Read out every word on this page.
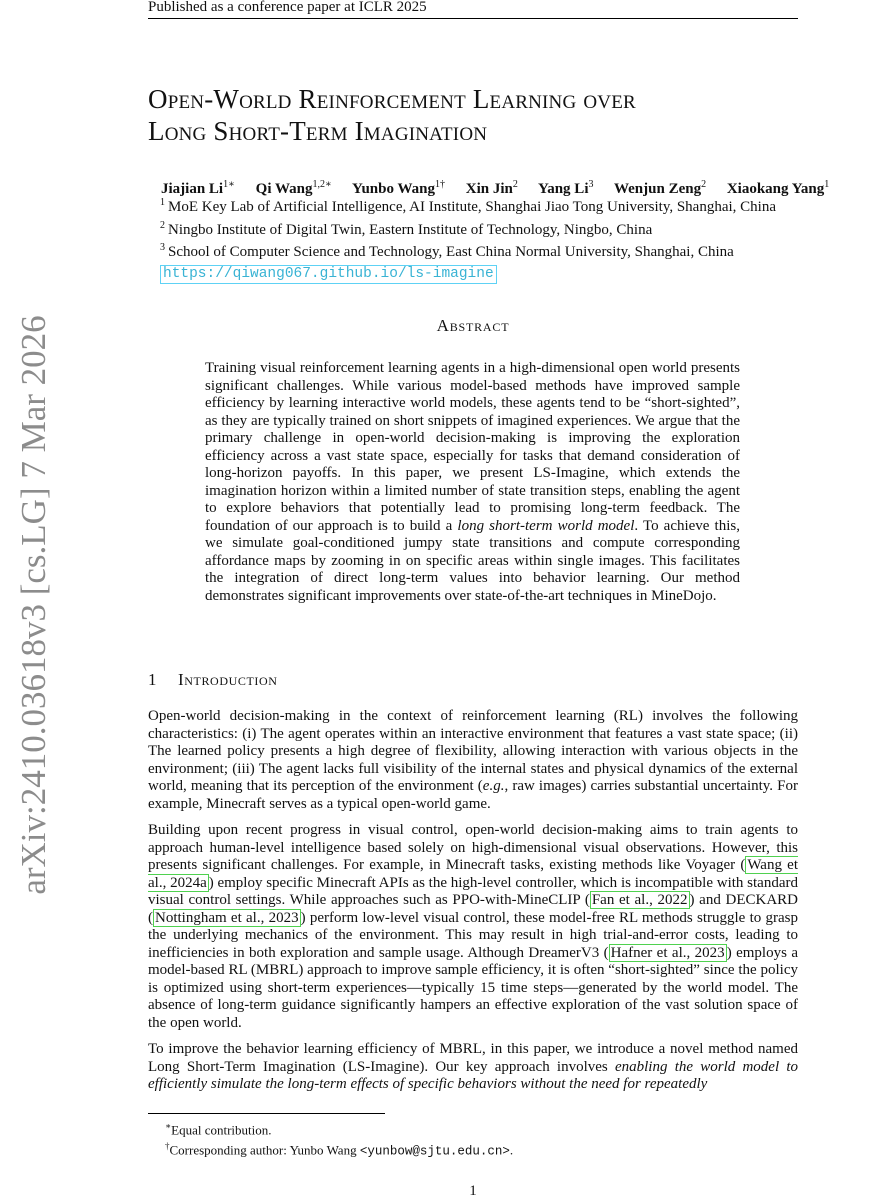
Published as a conference paper at ICLR 2025
arXiv:2410.03618v3 [cs.LG] 7 Mar 2026
Open-World Reinforcement Learning over
Long Short-Term Imagination
Jiajian $Li^{1∗}$ Qi Wang$^{1,2∗}$ Yunbo Wang$^{1\dagger}$ Xin Jin$^2$ Yang Li$^3$ Wenjun Zeng$^2$ Xiaokang Yang$^1$
$^1$ MoE Key Lab of Artificial Intelligence, AI Institute, Shanghai Jiao Tong University, Shanghai, China
$^2$ Ningbo Institute of Digital Twin, Eastern Institute of Technology, Ningbo, China
$^3$ School of Computer Science and Technology, East China Normal University, Shanghai, China
https://qiwang067.github.io/ls-imagine
Abstract

Training visual reinforcement learning agents in a high-dimensional open world presents significant challenges. While various model-based methods have improved sample efficiency by learning interactive world models, these agents tend to be “short-sighted”, as they are typically trained on short snippets of imagined experiences. We argue that the primary challenge in open-world decision-making is improving the exploration efficiency across a vast state space, especially for tasks that demand consideration of long-horizon payoffs. In this paper, we present LS-Imagine, which extends the imagination horizon within a limited number of state transition steps, enabling the agent to explore behaviors that potentially lead to promising long-term feedback. The foundation of our approach is to build a long short-term world model. To achieve this, we simulate goal-conditioned jumpy state transitions and compute corresponding affordance maps by zooming in on specific areas within single images. This facilitates the integration of direct long-term values into behavior learning. Our method demonstrates significant improvements over state-of-the-art techniques in MineDojo.

1 Introduction

Open-world decision-making in the context of reinforcement learning (RL) involves the following characteristics: (i) The agent operates within an interactive environment that features a vast state space; (ii) The learned policy presents a high degree of flexibility, allowing interaction with various objects in the environment; (iii) The agent lacks full visibility of the internal states and physical dynamics of the external world, meaning that its perception of the environment (e.g., raw images) carries substantial uncertainty. For example, Minecraft serves as a typical open-world game.

Building upon recent progress in visual control, open-world decision-making aims to train agents to approach human-level intelligence based solely on high-dimensional visual observations. However, this presents significant challenges. For example, in Minecraft tasks, existing methods like Voyager ( Wang et al., 2024a ) employ specific Minecraft APIs as the high-level controller, which is incompatible with standard visual control settings. While approaches such as PPO-with-MineCLIP ( Fan et al., 2022 ) and DECKARD ( Nottingham et al., 2023 ) perform low-level visual control, these model-free RL methods struggle to grasp the underlying mechanics of the environment. This may result in high trial-and-error costs, leading to inefficiencies in both exploration and sample usage. Although DreamerV3 ( Hafner et al., 2023 ) employs a model-based RL (MBRL) approach to improve sample efficiency, it is often “short-sighted” since the policy is optimized using short-term experiences—typically 15 time steps—generated by the world model. The absence of long-term guidance significantly hampers an effective exploration of the vast solution space of the open world.

To improve the behavior learning efficiency of MBRL, in this paper, we introduce a novel method named Long Short-Term Imagination (LS-Imagine). Our key approach involves enabling the world model to efficiently simulate the long-term effects of specific behaviors without the need for repeatedly

∗Equal contribution.
†Corresponding author: Yunbo Wang <yunbow@sjtu.edu.cn>.
1
